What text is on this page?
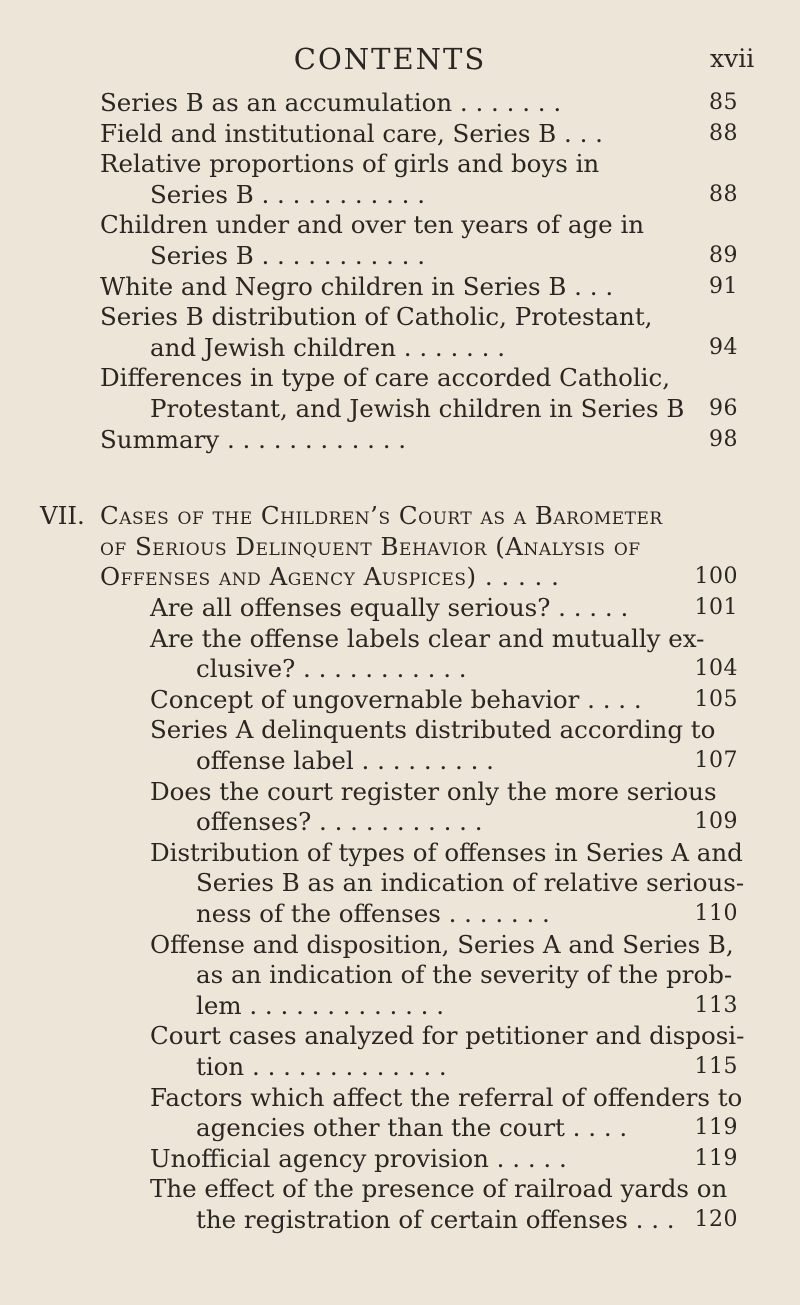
CONTENTS	xvii
Series B as an accumulation . . . . . . .	85
Field and institutional care, Series B . . .	88
Relative proportions of girls and boys in
Series B . . . . . . . . . . .	88
Children under and over ten years of age in
Series B . . . . . . . . . . .	89
White and Negro children in Series B . . .	91
Series B distribution of Catholic, Protestant,
and Jewish children . . . . . . .	94
Differences in type of care accorded Catholic,
Protestant, and Jewish children in Series B	96
Summary . . . . . . . . . . . .	98
VII. Cases of the Children’s Court as a Barometer
of Serious Delinquent Behavior (Analysis of
Offenses and Agency Auspices) . . . . .	100
Are all offenses equally serious? . . . . .	101
Are the offense labels clear and mutually ex-
clusive? . . . . . . . . . . .	104
Concept of ungovernable behavior . . . .	105
Series A delinquents distributed according to
offense label . . . . . . . . .	107
Does the court register only the more serious
offenses? . . . . . . . . . . .	109
Distribution of types of offenses in Series A and
Series B as an indication of relative serious-
ness of the offenses . . . . . . .	110
Offense and disposition, Series A and Series B,
as an indication of the severity of the prob-
lem . . . . . . . . . . . . .	113
Court cases analyzed for petitioner and disposi-
tion . . . . . . . . . . . . .	115
Factors which affect the referral of offenders to
agencies other than the court . . . .	119
Unofficial agency provision . . . . .	119
The effect of the presence of railroad yards on
the registration of certain offenses . . . 120
